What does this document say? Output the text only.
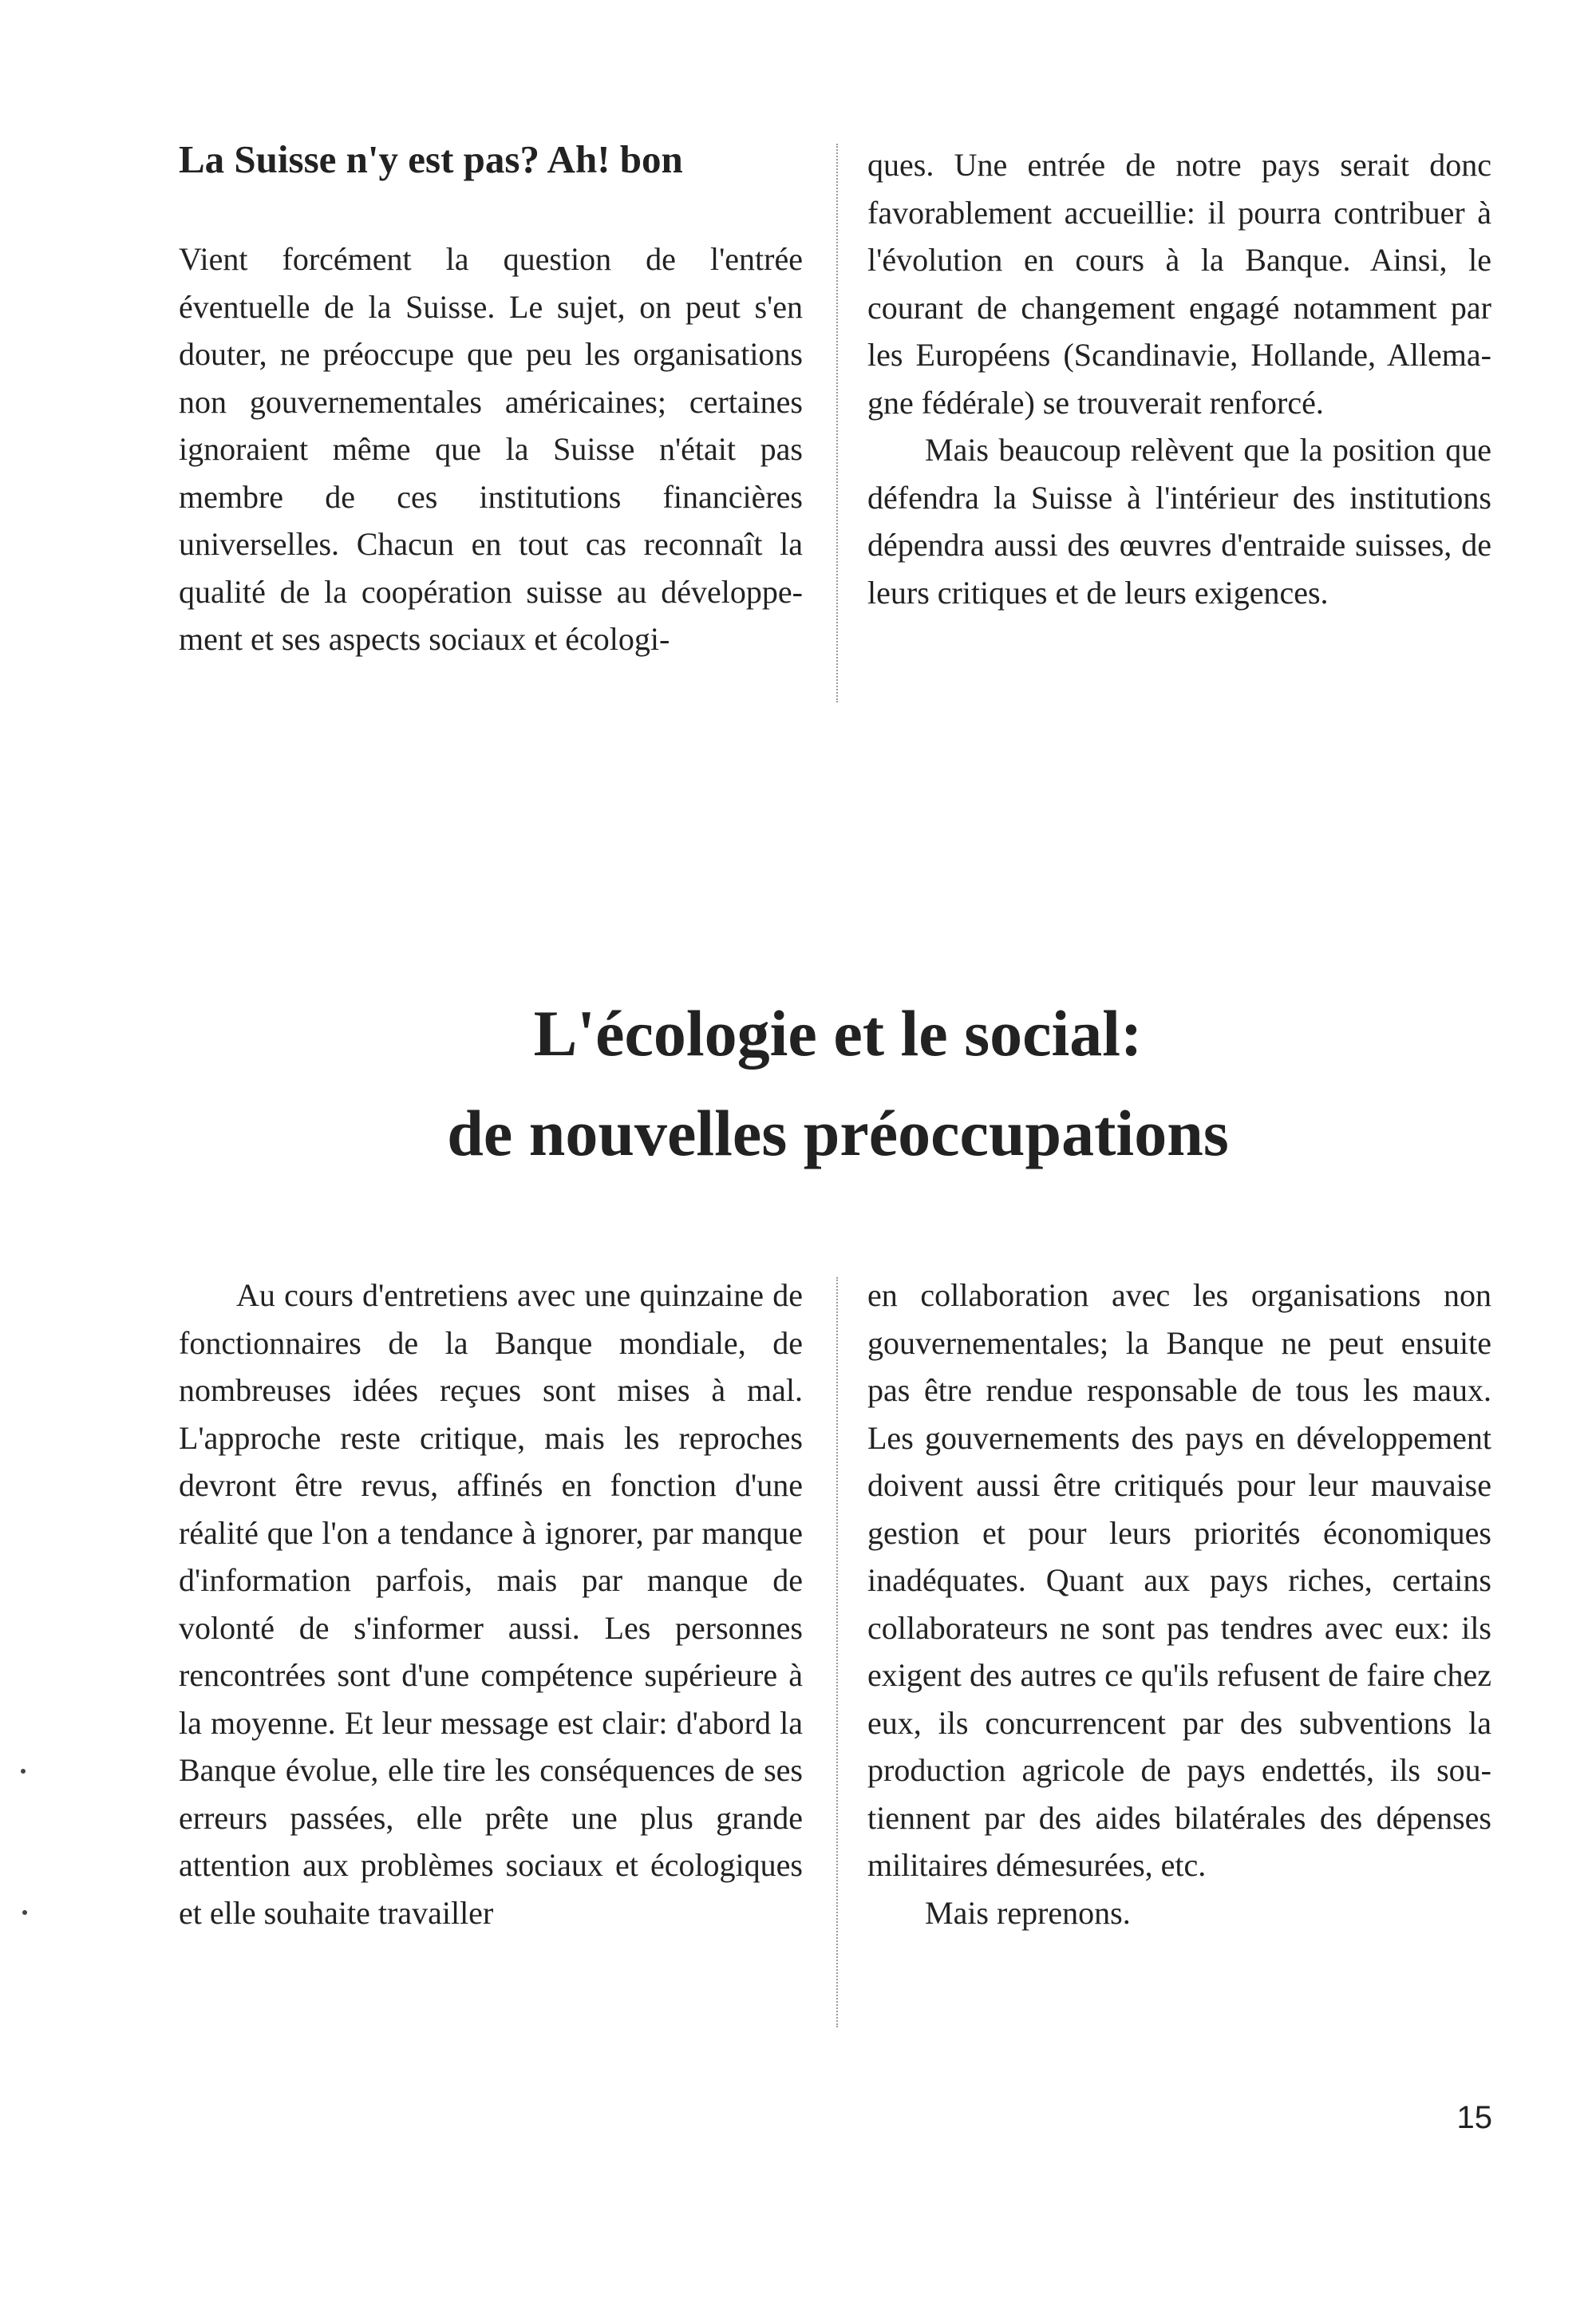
La Suisse n'y est pas? Ah! bon

Vient forcément la question de l'entrée éventuelle de la Suisse. Le sujet, on peut s'en douter, ne préoccupe que peu les organisations non gouvernementales américaines; certaines ignoraient même que la Suisse n'était pas membre de ces institutions financières universelles. Chacun en tout cas reconnaît la qualité de la coopération suisse au développement et ses aspects sociaux et écologi-

ques. Une entrée de notre pays serait donc favorablement accueillie: il pourra contribuer à l'évolution en cours à la Banque. Ainsi, le courant de changement engagé notamment par les Européens (Scandinavie, Hollande, Allemagne fédérale) se trouverait renforcé.

Mais beaucoup relèvent que la position que défendra la Suisse à l'intérieur des institutions dépendra aussi des œuvres d'entraide suisses, de leurs critiques et de leurs exigences.

L'écologie et le social:
de nouvelles préoccupations

Au cours d'entretiens avec une quinzaine de fonctionnaires de la Banque mondiale, de nombreuses idées reçues sont mises à mal. L'approche reste critique, mais les reproches devront être revus, affinés en fonction d'une réalité que l'on a tendance à ignorer, par manque d'information parfois, mais par manque de volonté de s'informer aussi. Les personnes rencontrées sont d'une compétence supérieure à la moyenne. Et leur message est clair: d'abord la Banque évolue, elle tire les conséquences de ses erreurs passées, elle prête une plus grande attention aux problèmes sociaux et écologiques et elle souhaite travailler

en collaboration avec les organisations non gouvernementales; la Banque ne peut ensuite pas être rendue responsable de tous les maux. Les gouvernements des pays en développement doivent aussi être critiqués pour leur mauvaise gestion et pour leurs priorités économiques inadéquates. Quant aux pays riches, certains collaborateurs ne sont pas tendres avec eux: ils exigent des autres ce qu'ils refusent de faire chez eux, ils concurrencent par des subventions la production agricole de pays endettés, ils soutiennent par des aides bilatérales des dépenses militaires démesurées, etc.

Mais reprenons.

15
